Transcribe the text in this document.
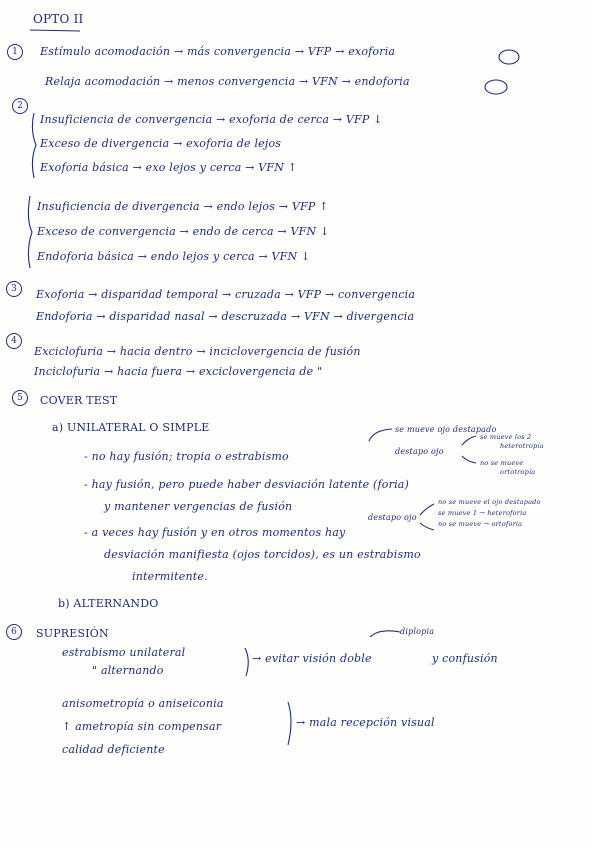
OPTO II
1	Estímulo acomodación → más convergencia → VFP → exoforia
Relaja acomodación → menos convergencia → VFN → endoforia
2
Insuficiencia de convergencia → exoforia de cerca → VFP ↓
Exceso de divergencia → exoforia de lejos
Exoforia básica → exo lejos y cerca → VFN ↑
Insuficiencia de divergencia → endo lejos → VFP ↑
Exceso de convergencia → endo de cerca → VFN ↓
Endoforia básica → endo lejos y cerca → VFN ↓
3	Exoforia → disparidad temporal → cruzada → VFP → convergencia
Endoforia → disparidad nasal → descruzada → VFN → divergencia
4
Exciclofuria → hacia dentro → inciclovergencia de fusión
Inciclofuria → hacia fuera → exciclovergencia de "
5	COVER TEST
a) UNILATERAL O SIMPLE	se mueve ojo destapado
- no hay fusión; tropia o estrabismo	destapo ojo
se mueve los 2
heterotropía
no se mueve
ortotropía
- hay fusión, pero puede haber desviación latente (foria)
y mantener vergencias de fusión
destapo ojo
no se mueve el ojo destapado
se mueve 1 → heteroforia
no se mueve → ortoforia
- a veces hay fusión y en otros momentos hay
desviación manifiesta (ojos torcidos), es un estrabismo
intermitente.
b) ALTERNANDO
6	SUPRESIÓN	diplopia
estrabismo unilateral
" alternando
→ evitar visión doble	y confusión
anisometropía o aniseiconia
↑ ametropía sin compensar
calidad deficiente
→ mala recepción visual
